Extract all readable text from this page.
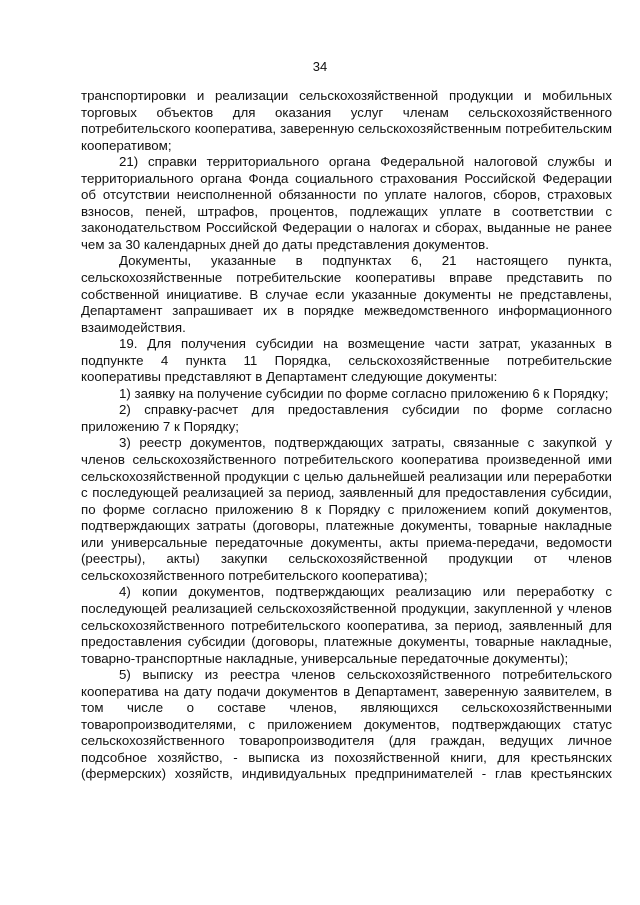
34

транспортировки и реализации сельскохозяйственной продукции и мобильных торговых объектов для оказания услуг членам сельскохозяйственного потребительского кооператива, заверенную сельскохозяйственным потребительским кооперативом;

21) справки территориального органа Федеральной налоговой службы и территориального органа Фонда социального страхования Российской Федерации об отсутствии неисполненной обязанности по уплате налогов, сборов, страховых взносов, пеней, штрафов, процентов, подлежащих уплате в соответствии с законодательством Российской Федерации о налогах и сборах, выданные не ранее чем за 30 календарных дней до даты представления документов.

Документы, указанные в подпунктах 6, 21 настоящего пункта, сельскохозяйственные потребительские кооперативы вправе представить по собственной инициативе. В случае если указанные документы не представлены, Департамент запрашивает их в порядке межведомственного информационного взаимодействия.

19. Для получения субсидии на возмещение части затрат, указанных в подпункте 4 пункта 11 Порядка, сельскохозяйственные потребительские кооперативы представляют в Департамент следующие документы:

1) заявку на получение субсидии по форме согласно приложению 6 к Порядку;

2) справку-расчет для предоставления субсидии по форме согласно приложению 7 к Порядку;

3) реестр документов, подтверждающих затраты, связанные с закупкой у членов сельскохозяйственного потребительского кооператива произведенной ими сельскохозяйственной продукции с целью дальнейшей реализации или переработки с последующей реализацией за период, заявленный для предоставления субсидии, по форме согласно приложению 8 к Порядку с приложением копий документов, подтверждающих затраты (договоры, платежные документы, товарные накладные или универсальные передаточные документы, акты приема-передачи, ведомости (реестры), акты) закупки сельскохозяйственной продукции от членов сельскохозяйственного потребительского кооператива);

4) копии документов, подтверждающих реализацию или переработку с последующей реализацией сельскохозяйственной продукции, закупленной у членов сельскохозяйственного потребительского кооператива, за период, заявленный для предоставления субсидии (договоры, платежные документы, товарные накладные, товарно-транспортные накладные, универсальные передаточные документы);

5) выписку из реестра членов сельскохозяйственного потребительского кооператива на дату подачи документов в Департамент, заверенную заявителем, в том числе о составе членов, являющихся сельскохозяйственными товаропроизводителями, с приложением документов, подтверждающих статус сельскохозяйственного товаропроизводителя (для граждан, ведущих личное подсобное хозяйство, - выписка из похозяйственной книги, для крестьянских (фермерских) хозяйств, индивидуальных предпринимателей - глав крестьянских
